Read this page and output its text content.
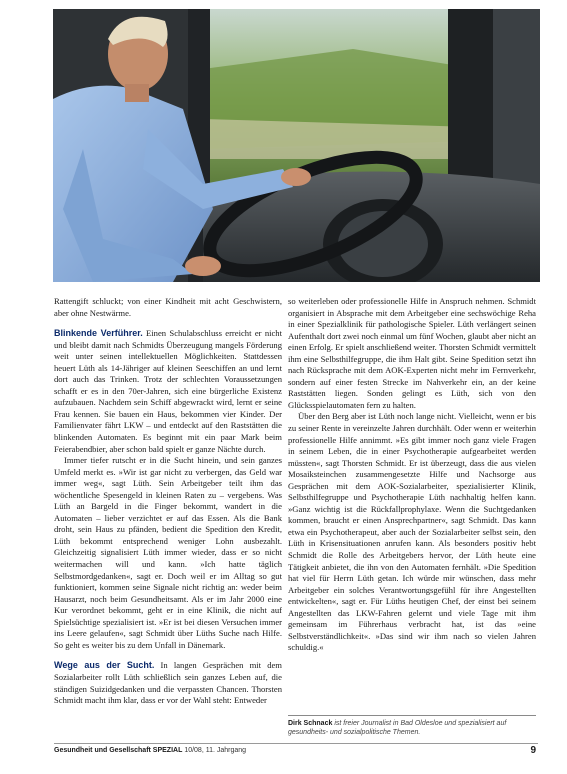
Rattengift schluckt; von einer Kindheit mit acht Geschwistern, aber ohne Nestwärme.

Blinkende Verführer. Einen Schulabschluss erreicht er nicht und bleibt damit nach Schmidts Überzeugung mangels Förderung weit unter seinen intellektuellen Möglichkeiten. Stattdessen heuert Lüth als 14-Jähriger auf kleinen Seeschiffen an und lernt dort auch das Trinken. Trotz der schlechten Voraussetzungen schafft er es in den 70er-Jahren, sich eine bürgerliche Existenz aufzubauen. Nachdem sein Schiff abgewrackt wird, lernt er seine Frau kennen. Sie bauen ein Haus, bekommen vier Kinder. Der Familienvater fährt LKW – und entdeckt auf den Raststätten die blinkenden Automaten. Es beginnt mit ein paar Mark beim Feierabendbier, aber schon bald spielt er ganze Nächte durch.

Immer tiefer rutscht er in die Sucht hinein, und sein ganzes Umfeld merkt es. »Wir ist gar nicht zu verbergen, das Geld war immer weg«, sagt Lüth. Sein Arbeitgeber teilt ihm das wöchentliche Spesengeld in kleinen Raten zu – vergebens. Was Lüth an Bargeld in die Finger bekommt, wandert in die Automaten – lieber verzichtet er auf das Essen. Als die Bank droht, sein Haus zu pfänden, bedient die Spedition den Kredit, Lüth bekommt entsprechend weniger Lohn ausbezahlt. Gleichzeitig signalisiert Lüth immer wieder, dass er so nicht weitermachen will und kann. »Ich hatte täglich Selbstmordgedanken«, sagt er. Doch weil er im Alltag so gut funktioniert, kommen seine Signale nicht richtig an: weder beim Hausarzt, noch beim Gesundheitsamt. Als er im Jahr 2000 eine Kur verordnet bekommt, geht er in eine Klinik, die nicht auf Spielsüchtige spezialisiert ist. »Er ist bei diesen Versuchen immer ins Leere gelaufen«, sagt Schmidt über Lüths Suche nach Hilfe. So geht es weiter bis zu dem Unfall in Dänemark.

Wege aus der Sucht. In langen Gesprächen mit dem Sozialarbeiter rollt Lüth schließlich sein ganzes Leben auf, die ständigen Suizidgedanken und die verpassten Chancen. Thorsten Schmidt macht ihm klar, dass er vor der Wahl steht: Entweder

so weiterleben oder professionelle Hilfe in Anspruch nehmen. Schmidt organisiert in Absprache mit dem Arbeitgeber eine sechswöchige Reha in einer Spezialklinik für pathologische Spieler. Lüth verlängert seinen Aufenthalt dort zwei noch einmal um fünf Wochen, glaubt aber nicht an einen Erfolg. Er spielt anschließend weiter. Thorsten Schmidt vermittelt ihm eine Selbsthilfegruppe, die ihm Halt gibt. Seine Spedition setzt ihn nach Rücksprache mit dem AOK-Experten nicht mehr im Fernverkehr, sondern auf einer festen Strecke im Nahverkehr ein, an der keine Raststätten liegen. Sonden gelingt es Lüth, sich von den Glücksspielautomaten fern zu halten.

Über den Berg aber ist Lüth noch lange nicht. Vielleicht, wenn er bis zu seiner Rente in vereinzelte Jahren durchhält. Oder wenn er weiterhin professionelle Hilfe annimmt. »Es gibt immer noch ganz viele Fragen in seinem Leben, die in einer Psychotherapie aufgearbeitet werden müssten«, sagt Thorsten Schmidt. Er ist überzeugt, dass die aus vielen Mosaiksteinchen zusammengesetzte Hilfe und Nachsorge aus Gesprächen mit dem AOK-Sozialarbeiter, spezialisierter Klinik, Selbsthilfegruppe und Psychotherapie Lüth nachhaltig helfen kann. »Ganz wichtig ist die Rückfallprophylaxe. Wenn die Suchtgedanken kommen, braucht er einen Ansprechpartner«, sagt Schmidt. Das kann etwa ein Psychotherapeut, aber auch der Sozialarbeiter selbst sein, den Lüth in Krisensituationen anrufen kann. Als besonders positiv hebt Schmidt die Rolle des Arbeitgebers hervor, der Lüth heute eine Tätigkeit anbietet, die ihn von den Automaten fernhält. »Die Spedition hat viel für Herrn Lüth getan. Ich würde mir wünschen, dass mehr Arbeitgeber ein solches Verantwortungsgefühl für ihre Angestellten entwickelten«, sagt er. Für Lüths heutigen Chef, der einst bei seinem Angestellten das LKW-Fahren gelernt und viele Tage mit ihm gemeinsam im Führerhaus verbracht hat, ist das »eine Selbstverständlichkeit«. »Das sind wir ihm nach so vielen Jahren schuldig.«

Dirk Schnack ist freier Journalist in Bad Oldesloe und spezialisiert auf gesundheits- und sozialpolitische Themen.
Gesundheit und Gesellschaft SPEZIAL 10/08, 11. Jahrgang	9
